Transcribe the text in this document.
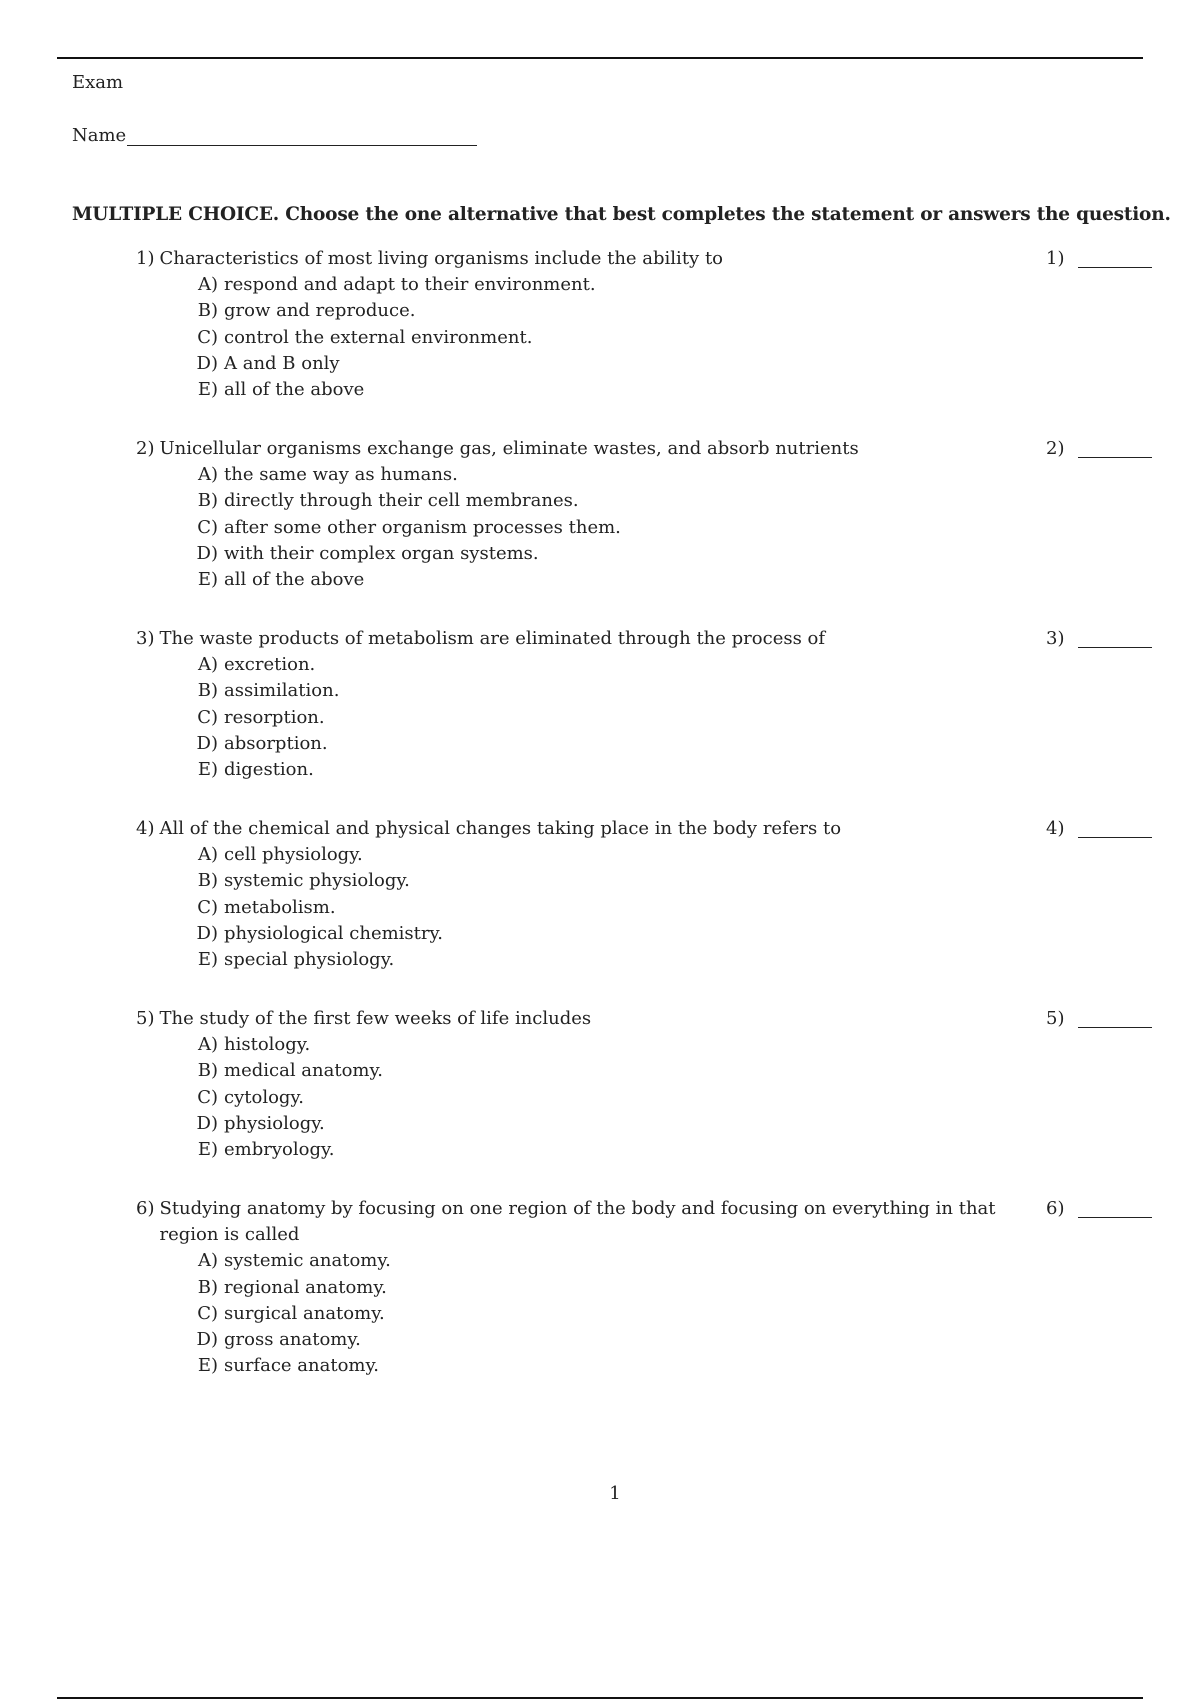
Exam
Name
MULTIPLE CHOICE. Choose the one alternative that best completes the statement or answers the question.
1) Characteristics of most living organisms include the ability to
A) respond and adapt to their environment.
B) grow and reproduce.
C) control the external environment.
D) A and B only
E) all of the above
1)
2) Unicellular organisms exchange gas, eliminate wastes, and absorb nutrients
A) the same way as humans.
B) directly through their cell membranes.
C) after some other organism processes them.
D) with their complex organ systems.
E) all of the above
2)
3) The waste products of metabolism are eliminated through the process of
A) excretion.
B) assimilation.
C) resorption.
D) absorption.
E) digestion.
3)
4) All of the chemical and physical changes taking place in the body refers to
A) cell physiology.
B) systemic physiology.
C) metabolism.
D) physiological chemistry.
E) special physiology.
4)
5) The study of the first few weeks of life includes
A) histology.
B) medical anatomy.
C) cytology.
D) physiology.
E) embryology.
5)
6) Studying anatomy by focusing on one region of the body and focusing on everything in that region is called
A) systemic anatomy.
B) regional anatomy.
C) surgical anatomy.
D) gross anatomy.
E) surface anatomy.
6)
1
